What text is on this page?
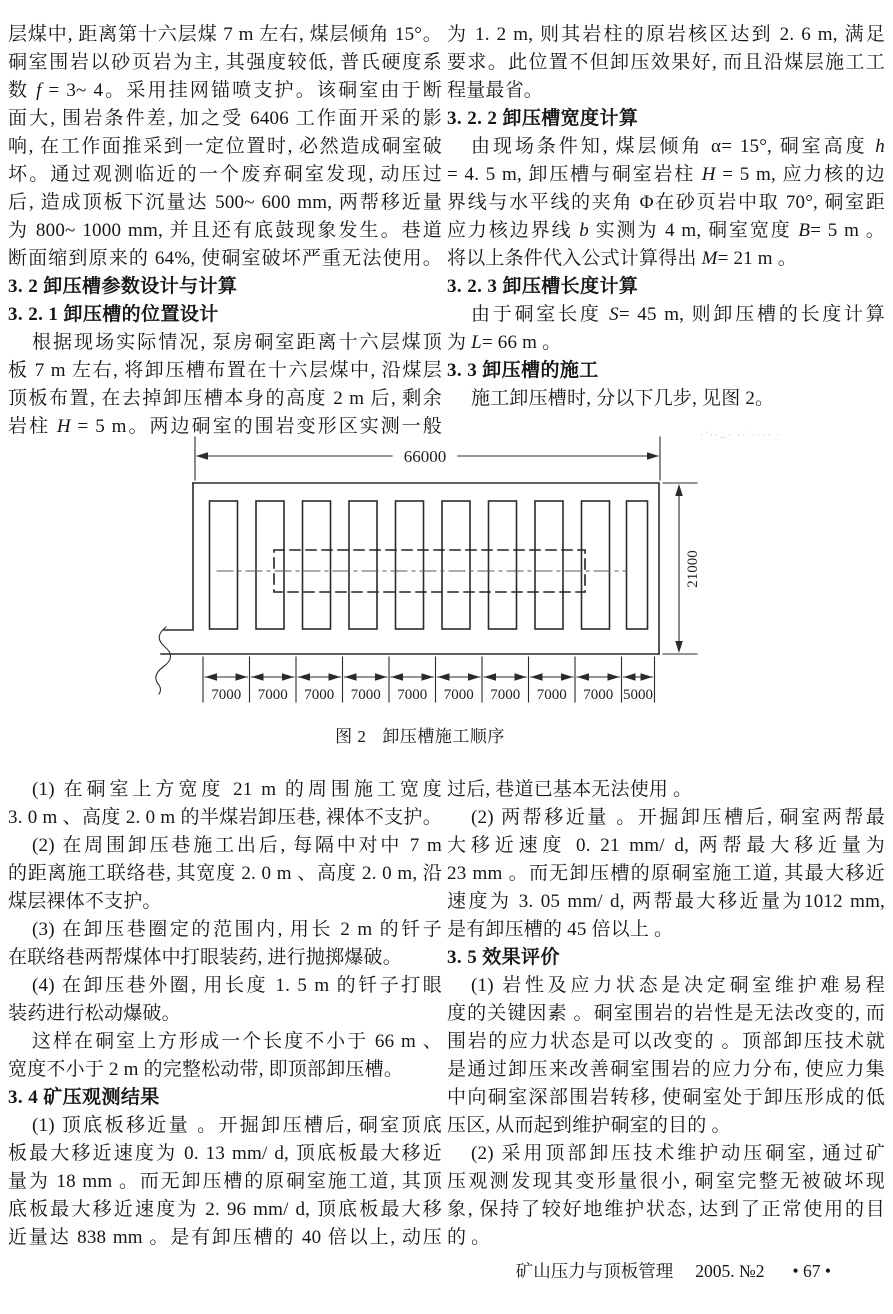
层煤中, 距离第十六层煤 7 m 左右, 煤层倾角 15°。
硐室围岩以砂页岩为主, 其强度较低, 普氏硬度系
数 f = 3~ 4。采用挂网锚喷支护。该硐室由于断
面大, 围岩条件差, 加之受 6406 工作面开采的影
响, 在工作面推采到一定位置时, 必然造成硐室破
坏。通过观测临近的一个废弃硐室发现, 动压过
后, 造成顶板下沉量达 500~ 600 mm, 两帮移近量
为 800~ 1000 mm, 并且还有底鼓现象发生。巷道
断面缩到原来的 64%, 使硐室破坏严重无法使用。
3. 2 卸压槽参数设计与计算
3. 2. 1 卸压槽的位置设计
根据现场实际情况, 泵房硐室距离十六层煤顶
板 7 m 左右, 将卸压槽布置在十六层煤中, 沿煤层
顶板布置, 在去掉卸压槽本身的高度 2 m 后, 剩余
岩柱 H = 5 m。两边硐室的围岩变形区实测一般
为 1. 2 m, 则其岩柱的原岩核区达到 2. 6 m, 满足
要求。此位置不但卸压效果好, 而且沿煤层施工工
程量最省。
3. 2. 2 卸压槽宽度计算
由现场条件知, 煤层倾角 α= 15°, 硐室高度 h
= 4. 5 m, 卸压槽与硐室岩柱 H = 5 m, 应力核的边
界线与水平线的夹角 Φ在砂页岩中取 70°, 硐室距
应力核边界线 b 实测为 4 m, 硐室宽度 B= 5 m 。
将以上条件代入公式计算得出 M= 21 m 。
3. 2. 3 卸压槽长度计算
由于硐室长度 S= 45 m, 则卸压槽的长度计算
为 L= 66 m 。
3. 3 卸压槽的施工
施工卸压槽时, 分以下几步, 见图 2。
·˙··‥· ··˙···· ·
66000
21000
7000 7000 7000 7000 7000 7000 7000 7000 7000 5000
图 2 卸压槽施工顺序
(1) 在硐室上方宽度 21 m 的周围施工宽度
3. 0 m 、高度 2. 0 m 的半煤岩卸压巷, 裸体不支护。
(2) 在周围卸压巷施工出后, 每隔中对中 7 m
的距离施工联络巷, 其宽度 2. 0 m 、高度 2. 0 m, 沿
煤层裸体不支护。
(3) 在卸压巷圈定的范围内, 用长 2 m 的钎子
在联络巷两帮煤体中打眼装药, 进行抛掷爆破。
(4) 在卸压巷外圈, 用长度 1. 5 m 的钎子打眼
装药进行松动爆破。
这样在硐室上方形成一个长度不小于 66 m 、
宽度不小于 2 m 的完整松动带, 即顶部卸压槽。
3. 4 矿压观测结果
(1) 顶底板移近量 。开掘卸压槽后, 硐室顶底
板最大移近速度为 0. 13 mm/ d, 顶底板最大移近
量为 18 mm 。而无卸压槽的原硐室施工道, 其顶
底板最大移近速度为 2. 96 mm/ d, 顶底板最大移
近量达 838 mm 。是有卸压槽的 40 倍以上, 动压
过后, 巷道已基本无法使用 。
(2) 两帮移近量 。开掘卸压槽后, 硐室两帮最
大移近速度 0. 21 mm/ d, 两帮最大移近量为
23 mm 。而无卸压槽的原硐室施工道, 其最大移近
速度为 3. 05 mm/ d, 两帮最大移近量为1012 mm,
是有卸压槽的 45 倍以上 。
3. 5 效果评价
(1) 岩性及应力状态是决定硐室维护难易程
度的关键因素 。硐室围岩的岩性是无法改变的, 而
围岩的应力状态是可以改变的 。顶部卸压技术就
是通过卸压来改善硐室围岩的应力分布, 使应力集
中向硐室深部围岩转移, 使硐室处于卸压形成的低
压区, 从而起到维护硐室的目的 。
(2) 采用顶部卸压技术维护动压硐室, 通过矿
压观测发现其变形量很小, 硐室完整无被破坏现
象, 保持了较好地维护状态, 达到了正常使用的目
的 。
矿山压力与顶板管理 2005. №2 • 67 •
